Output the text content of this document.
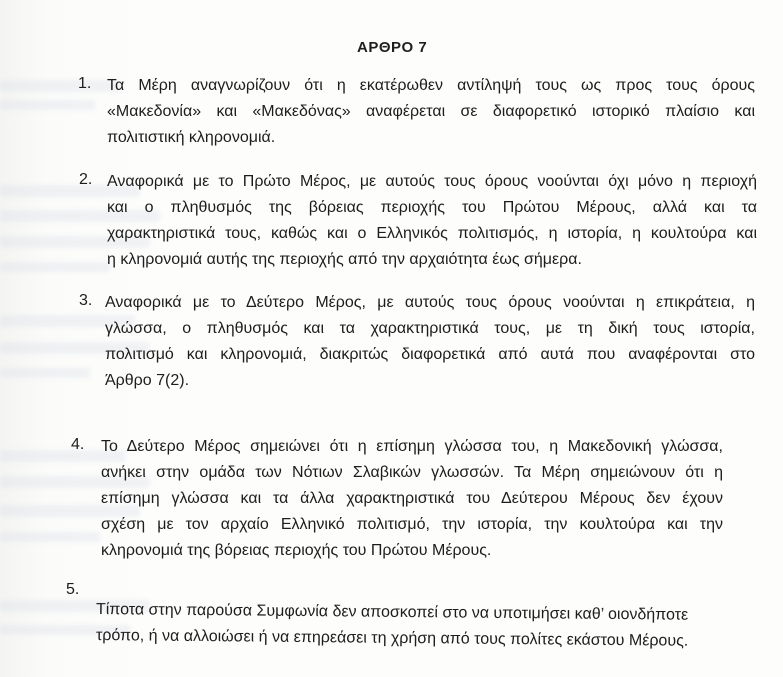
ΑΡΘΡΟ 7
1. Τα Μέρη αναγνωρίζουν ότι η εκατέρωθεν αντίληψή τους ως προς τους όρους
«Μακεδονία» και «Μακεδόνας» αναφέρεται σε διαφορετικό ιστορικό πλαίσιο και
πολιτιστική κληρονομιά.
2. Αναφορικά με το Πρώτο Μέρος, με αυτούς τους όρους νοούνται όχι μόνο η περιοχή
και ο πληθυσμός της βόρειας περιοχής του Πρώτου Μέρους, αλλά και τα
χαρακτηριστικά τους, καθώς και ο Ελληνικός πολιτισμός, η ιστορία, η κουλτούρα και
η κληρονομιά αυτής της περιοχής από την αρχαιότητα έως σήμερα.
3. Αναφορικά με το Δεύτερο Μέρος, με αυτούς τους όρους νοούνται η επικράτεια, η
γλώσσα, ο πληθυσμός και τα χαρακτηριστικά τους, με τη δική τους ιστορία,
πολιτισμό και κληρονομιά, διακριτώς διαφορετικά από αυτά που αναφέρονται στο
Άρθρο 7(2).
4. Το Δεύτερο Μέρος σημειώνει ότι η επίσημη γλώσσα του, η Μακεδονική γλώσσα,
ανήκει στην ομάδα των Νότιων Σλαβικών γλωσσών. Τα Μέρη σημειώνουν ότι η
επίσημη γλώσσα και τα άλλα χαρακτηριστικά του Δεύτερου Μέρους δεν έχουν
σχέση με τον αρχαίο Ελληνικό πολιτισμό, την ιστορία, την κουλτούρα και την
κληρονομιά της βόρειας περιοχής του Πρώτου Μέρους.
5.
Τίποτα στην παρούσα Συμφωνία δεν αποσκοπεί στο να υποτιμήσει καθ’ οιονδήποτε
τρόπο, ή να αλλοιώσει ή να επηρεάσει τη χρήση από τους πολίτες εκάστου Μέρους.
